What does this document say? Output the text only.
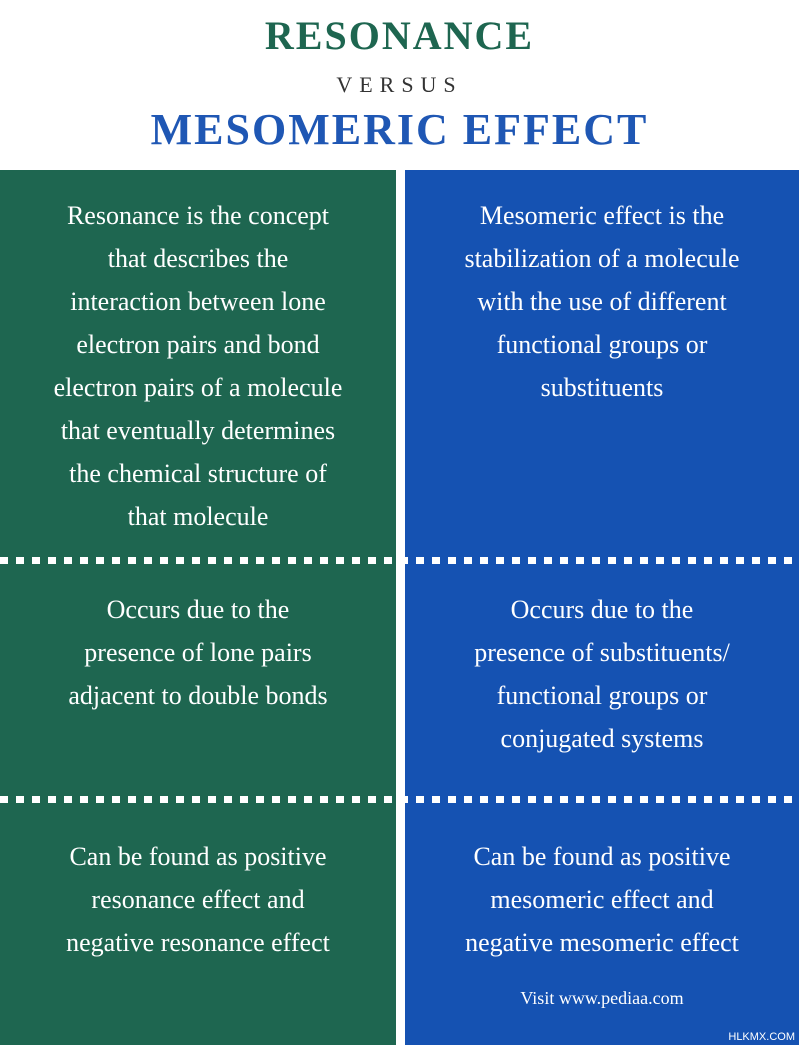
RESONANCE
VERSUS
MESOMERIC EFFECT
Resonance is the concept
that describes the
interaction between lone
electron pairs and bond
electron pairs of a molecule
that eventually determines
the chemical structure of
that molecule
Occurs due to the
presence of lone pairs
adjacent to double bonds
Can be found as positive
resonance effect and
negative resonance effect
Mesomeric effect is the
stabilization of a molecule
with the use of different
functional groups or
substituents
Occurs due to the
presence of substituents/
functional groups or
conjugated systems
Can be found as positive
mesomeric effect and
negative mesomeric effect
Visit www.pediaa.com
HLKMX.COM
